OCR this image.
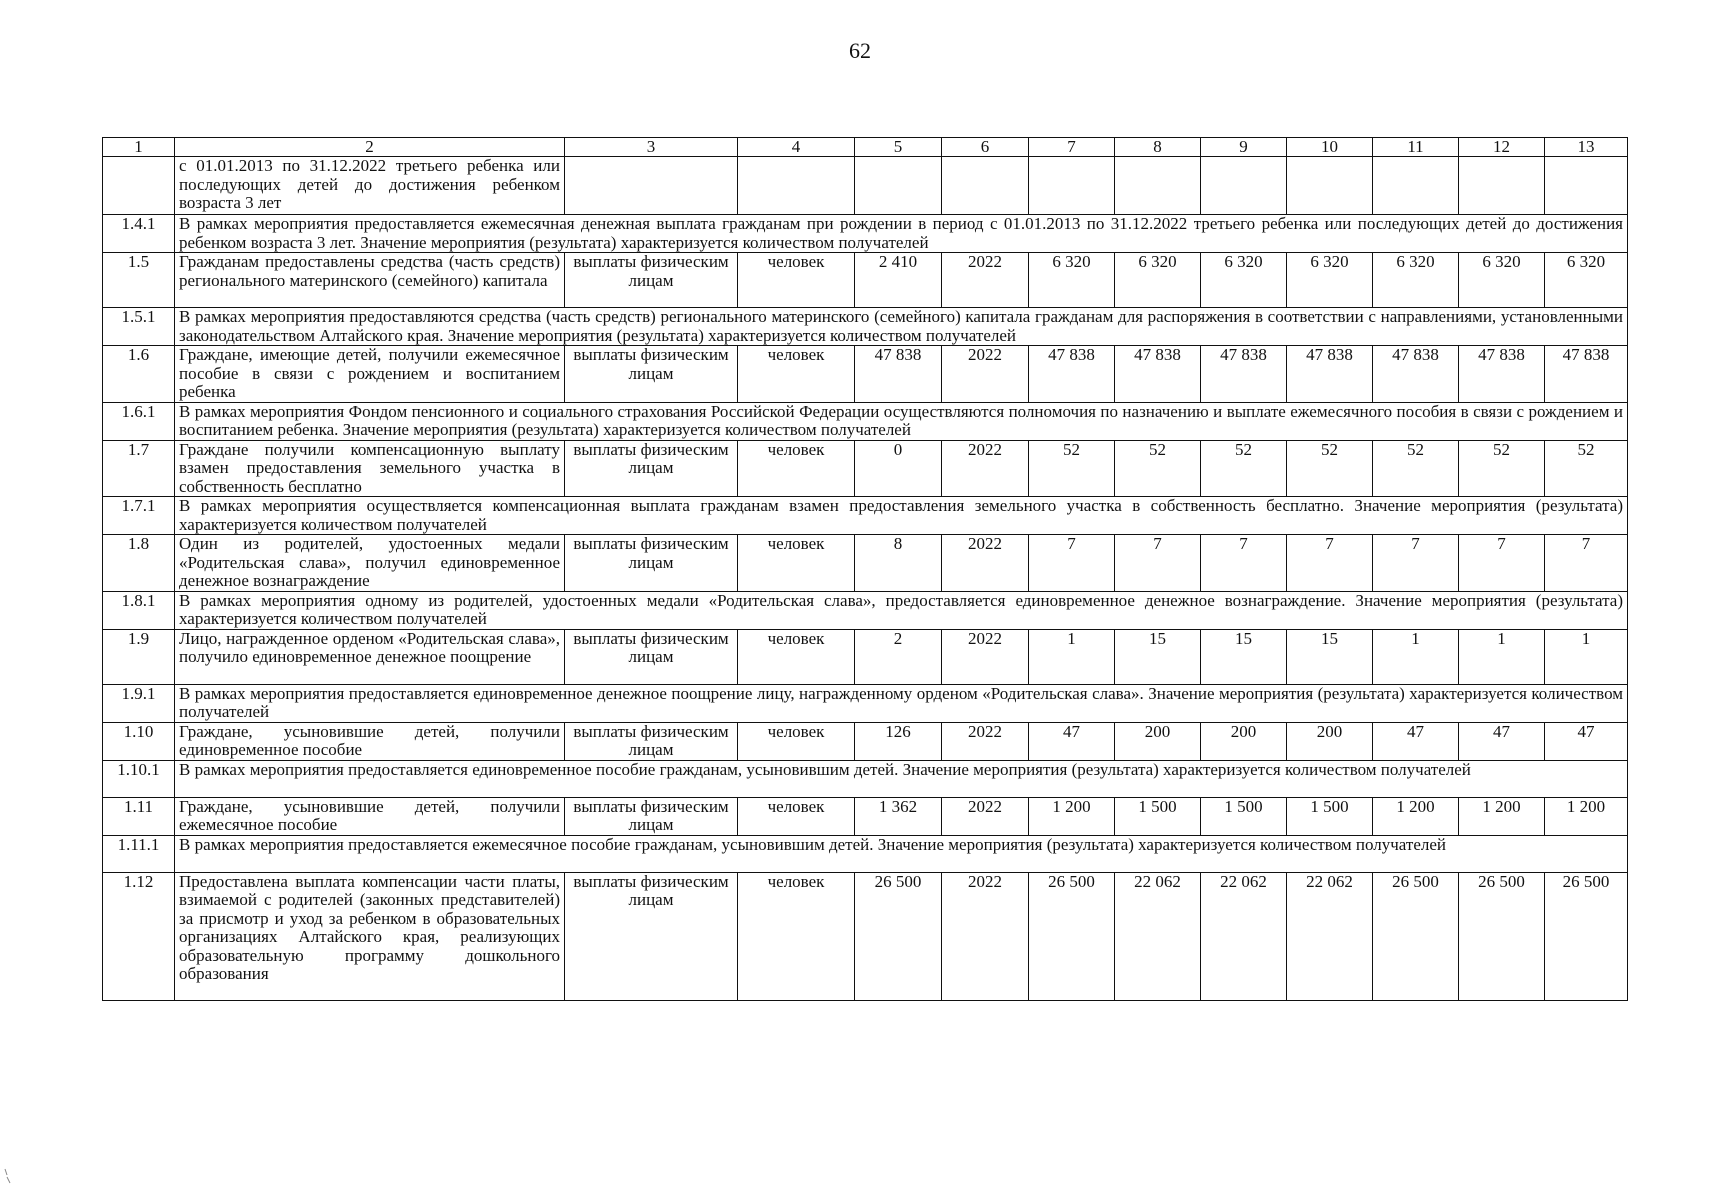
62
1	2	3	4	5	6	7	8	9	10	11	12	13
	с 01.01.2013 по 31.12.2022 третьего ребенка или последующих детей до достижения ребенком возраста 3 лет											
1.4.1	В рамках мероприятия предоставляется ежемесячная денежная выплата гражданам при рождении в период с 01.01.2013 по 31.12.2022 третьего ребенка или последующих детей до достижения ребенком возраста 3 лет. Значение мероприятия (результата) характеризуется количеством получателей											
1.5	Гражданам предоставлены средства (часть средств) регионального материнского (семейного) капитала	выплаты физическим лицам	человек	2 410	2022	6 320	6 320	6 320	6 320	6 320	6 320	6 320
1.5.1	В рамках мероприятия предоставляются средства (часть средств) регионального материнского (семейного) капитала гражданам для распоряжения в соответствии с направлениями, установленными законодательством Алтайского края. Значение мероприятия (результата) характеризуется количеством получателей											
1.6	Граждане, имеющие детей, получили ежемесячное пособие в связи с рождением и воспитанием ребенка	выплаты физическим лицам	человек	47 838	2022	47 838	47 838	47 838	47 838	47 838	47 838	47 838
1.6.1	В рамках мероприятия Фондом пенсионного и социального страхования Российской Федерации осуществляются полномочия по назначению и выплате ежемесячного пособия в связи с рождением и воспитанием ребенка. Значение мероприятия (результата) характеризуется количеством получателей											
1.7	Граждане получили компенсационную выплату взамен предоставления земельного участка в собственность бесплатно	выплаты физическим лицам	человек	0	2022	52	52	52	52	52	52	52
1.7.1	В рамках мероприятия осуществляется компенсационная выплата гражданам взамен предоставления земельного участка в собственность бесплатно. Значение мероприятия (результата) характеризуется количеством получателей											
1.8	Один из родителей, удостоенных медали «Родительская слава», получил единовременное денежное вознаграждение	выплаты физическим лицам	человек	8	2022	7	7	7	7	7	7	7
1.8.1	В рамках мероприятия одному из родителей, удостоенных медали «Родительская слава», предоставляется единовременное денежное вознаграждение. Значение мероприятия (результата) характеризуется количеством получателей											
1.9	Лицо, награжденное орденом «Родительская слава», получило единовременное денежное поощрение	выплаты физическим лицам	человек	2	2022	1	15	15	15	1	1	1
1.9.1	В рамках мероприятия предоставляется единовременное денежное поощрение лицу, награжденному орденом «Родительская слава». Значение мероприятия (результата) характеризуется количеством получателей											
1.10	Граждане, усыновившие детей, получили единовременное пособие	выплаты физическим лицам	человек	126	2022	47	200	200	200	47	47	47
1.10.1	В рамках мероприятия предоставляется единовременное пособие гражданам, усыновившим детей. Значение мероприятия (результата) характеризуется количеством получателей											
1.11	Граждане, усыновившие детей, получили ежемесячное пособие	выплаты физическим лицам	человек	1 362	2022	1 200	1 500	1 500	1 500	1 200	1 200	1 200
1.11.1	В рамках мероприятия предоставляется ежемесячное пособие гражданам, усыновившим детей. Значение мероприятия (результата) характеризуется количеством получателей											
1.12	Предоставлена выплата компенсации части платы, взимаемой с родителей (законных представителей) за присмотр и уход за ребенком в образовательных организациях Алтайского края, реализующих образовательную программу дошкольного образования	выплаты физическим лицам	человек	26 500	2022	26 500	22 062	22 062	22 062	26 500	26 500	26 500
